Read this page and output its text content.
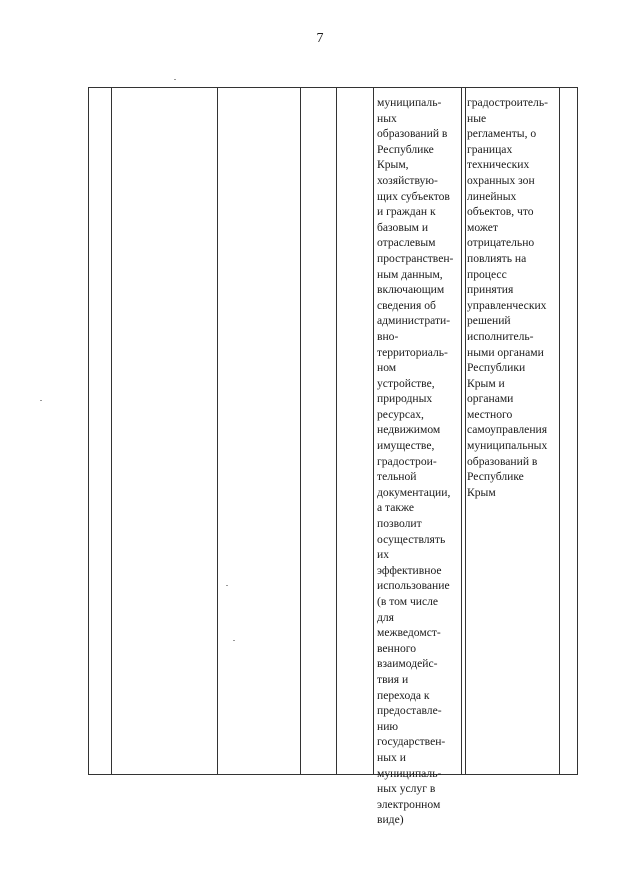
7
муниципаль-
ных
образований в
Республике
Крым,
хозяйствую-
щих субъектов
и граждан к
базовым и
отраслевым
пространствен-
ным данным,
включающим
сведения об
администрати-
вно-
территориаль-
ном
устройстве,
природных
ресурсах,
недвижимом
имуществе,
градострои-
тельной
документации,
а также
позволит
осуществлять
их
эффективное
использование
(в том числе
для
межведомст-
венного
взаимодейс-
твия и
перехода к
предоставле-
нию
государствен-
ных и
муниципаль-
ных услуг в
электронном
виде)
градостроитель-
ные
регламенты, о
границах
технических
охранных зон
линейных
объектов, что
может
отрицательно
повлиять на
процесс
принятия
управленческих
решений
исполнитель-
ными органами
Республики
Крым и
органами
местного
самоуправления
муниципальных
образований в
Республике
Крым
